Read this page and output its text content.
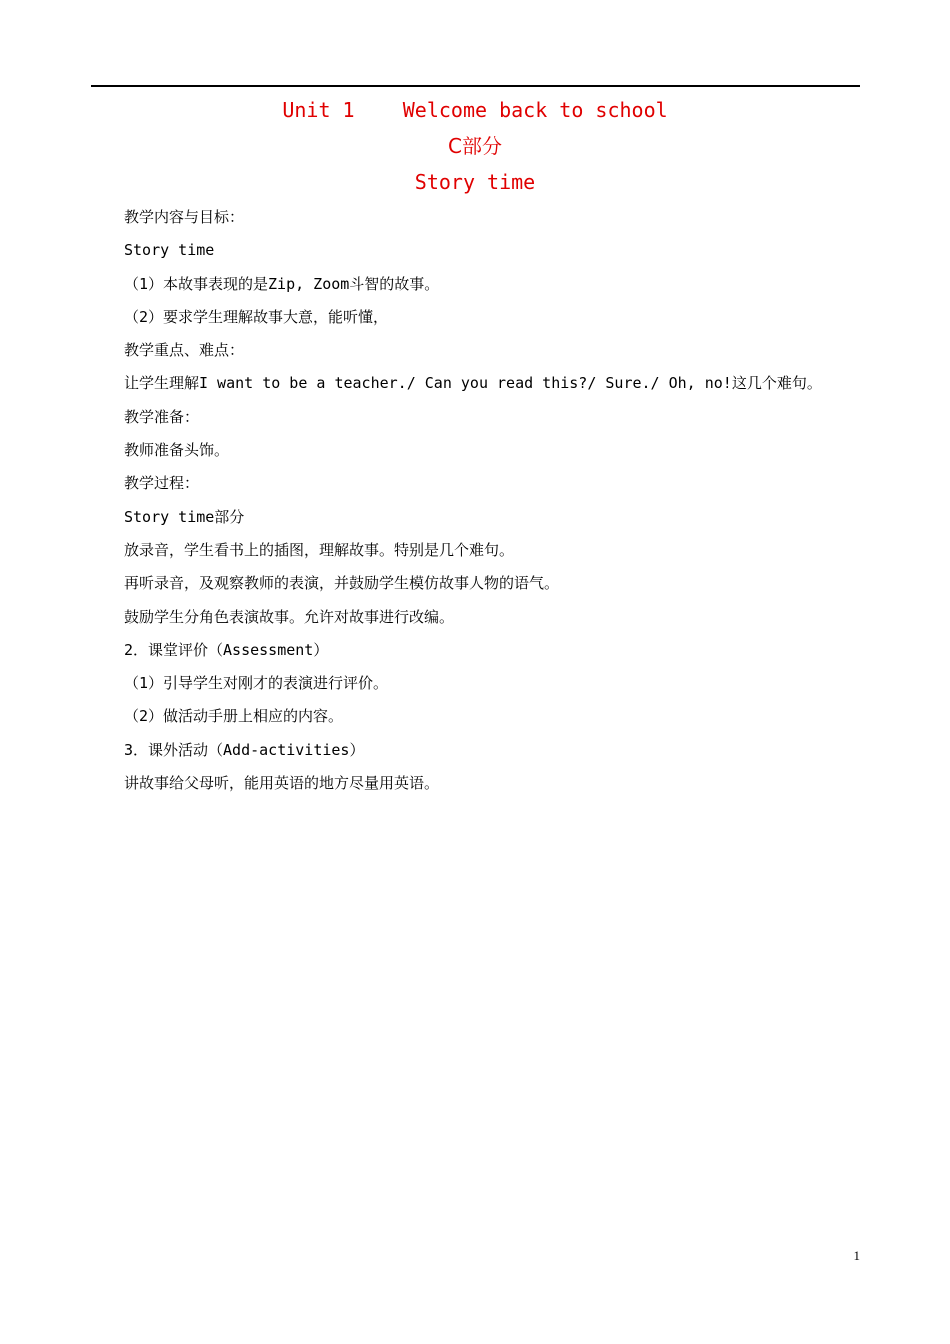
Unit 1    Welcome back to school
C部分
Story time
教学内容与目标：
Story time
（1）本故事表现的是Zip, Zoom斗智的故事。
（2）要求学生理解故事大意，能听懂，
教学重点、难点：
让学生理解I want to be a teacher./ Can you read this?/ Sure./ Oh, no!这几个难句。
教学准备：
教师准备头饰。
教学过程：
Story time部分
放录音，学生看书上的插图，理解故事。特别是几个难句。
再听录音，及观察教师的表演，并鼓励学生模仿故事人物的语气。
鼓励学生分角色表演故事。允许对故事进行改编。
2．课堂评价（Assessment）
（1）引导学生对刚才的表演进行评价。
（2）做活动手册上相应的内容。
3．课外活动（Add-activities）
讲故事给父母听，能用英语的地方尽量用英语。
1
